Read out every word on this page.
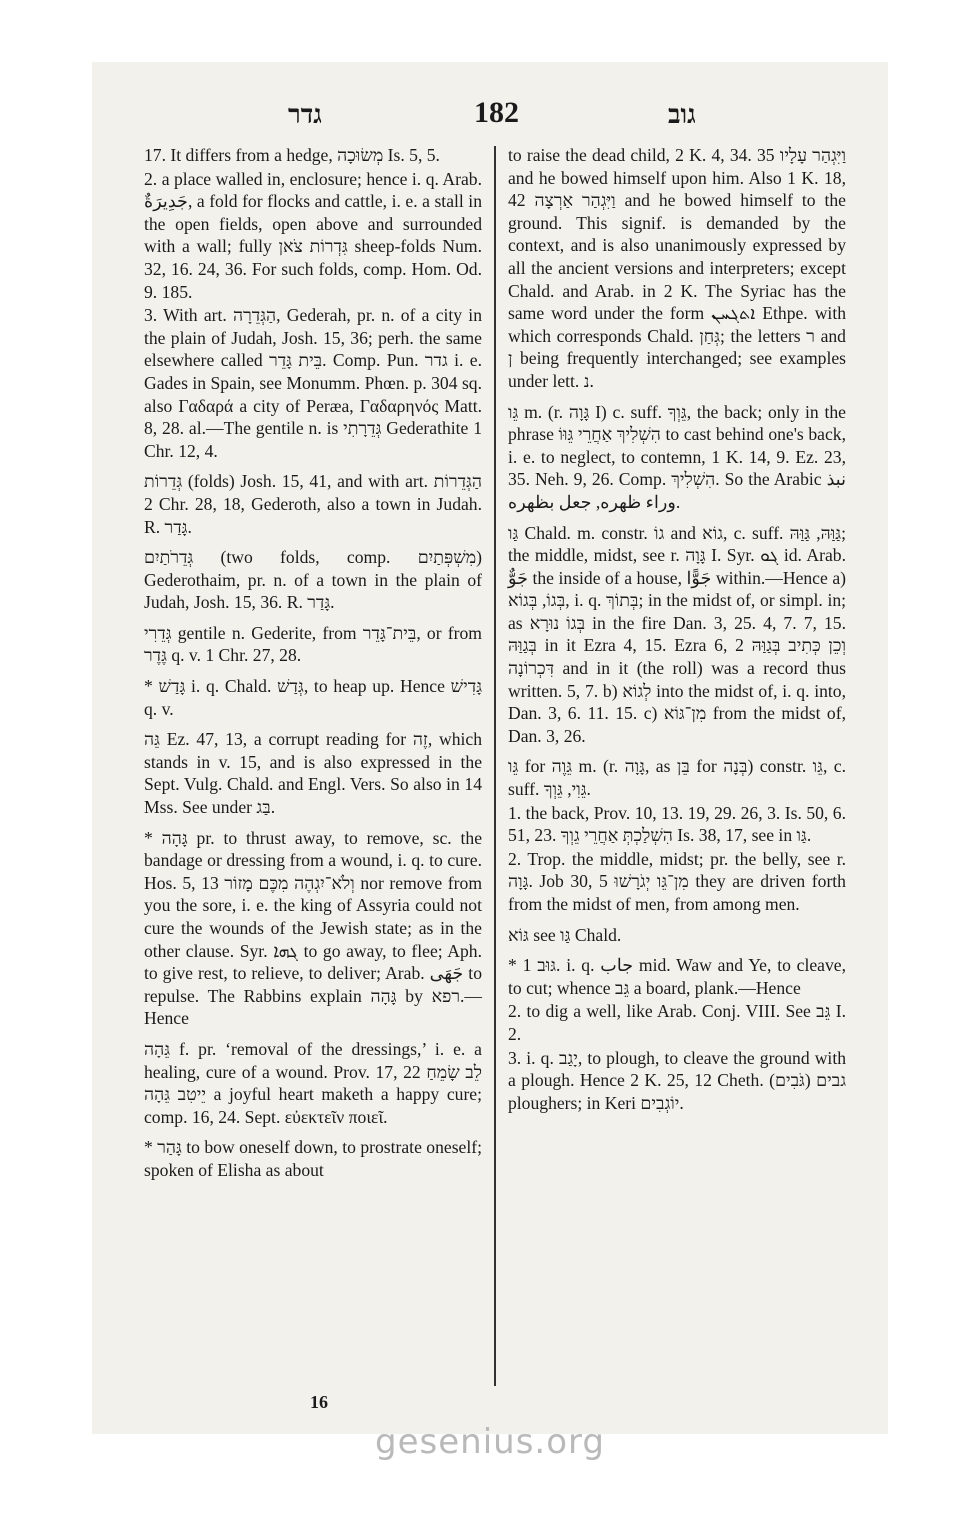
גדר	182	גוב

17. It differs from a hedge, מְשׂוּכָה Is. 5, 5.

2. a place walled in, enclosure; hence i. q. Arab. جَدِيرَةٌ, a fold for flocks and cattle, i. e. a stall in the open fields, open above and surrounded with a wall; fully גִּדְרוֹת צֹאן sheep-folds Num. 32, 16. 24, 36. For such folds, comp. Hom. Od. 9. 185.

3. With art. הַגְּדֵרָה, Gederah, pr. n. of a city in the plain of Judah, Josh. 15, 36; perh. the same elsewhere called בֵּית גָּדֵר. Comp. Pun. גדר i. e. Gades in Spain, see Monumm. Phœn. p. 304 sq. also Γαδαρά a city of Peræa, Γαδαρηνός Matt. 8, 28. al.—The gentile n. is גְּדֵרָתִי Gederathite 1 Chr. 12, 4.

גְּדֵרוֹת (folds) Josh. 15, 41, and with art. הַגְּדֵרוֹת 2 Chr. 28, 18, Gederoth, also a town in Judah. R. גָּדַר.

גְּדֵרֹתַיִם (two folds, comp. מִשְׁפְּתַיִם) Gederothaim, pr. n. of a town in the plain of Judah, Josh. 15, 36. R. גָּדַר.

גְּדֵרִי gentile n. Gederite, from בֵּית־גָּדֵר, or from גֶּדֶר q. v. 1 Chr. 27, 28.

* גָּדַשׁ i. q. Chald. גְּדַשׁ, to heap up. Hence גָּדִישׁ q. v.

גֵּה Ez. 47, 13, a corrupt reading for זֶה, which stands in v. 15, and is also expressed in the Sept. Vulg. Chald. and Engl. Vers. So also in 14 Mss. See under בַּג.

* גָּהָה pr. to thrust away, to remove, sc. the bandage or dressing from a wound, i. q. to cure. Hos. 5, 13 וְלֹא־יִגְהֶה מִכֶּם מָזוֹר nor remove from you the sore, i. e. the king of Assyria could not cure the wounds of the Jewish state; as in the other clause. Syr. ܓܗܐ to go away, to flee; Aph. to give rest, to relieve, to deliver; Arab. جَهَى to repulse. The Rabbins explain גָּהָה by רפא.—Hence

גֵּהָה f. pr. ‘removal of the dressings,’ i. e. a healing, cure of a wound. Prov. 17, 22 לֵב שָׂמֵחַ יֵיטִב גֵּהָה a joyful heart maketh a happy cure; comp. 16, 24. Sept. εὐεκτεῖν ποιεῖ.

* גָּהַר to bow oneself down, to prostrate oneself; spoken of Elisha as about

to raise the dead child, 2 K. 4, 34. 35 וַיִּגְהַר עָלָיו and he bowed himself upon him. Also 1 K. 18, 42 וַיִּגְהַר אַרְצָה and he bowed himself to the ground. This signif. is demanded by the context, and is also unanimously expressed by all the ancient versions and interpreters; except Chald. and Arab. in 2 K. The Syriac has the same word under the form ܐܬܓܚܢ Ethpe. with which corresponds Chald. גְּחַן; the letters ר and ן being frequently interchanged; see examples under lett. נ.

גֵּו m. (r. גָּוָה I) c. suff. גֵּוְךָ, the back; only in the phrase הִשְׁלִיךְ אַחֲרֵי גֵּוּוֹ to cast behind one's back, i. e. to neglect, to contemn, 1 K. 14, 9. Ez. 23, 35. Neh. 9, 26. Comp. הִשְׁלִיךְ. So the Arabic نبذ وراء ظهره, جعل بظهره.

גַּו Chald. m. constr. גוֹ and גוֹא, c. suff. גַּוַּהּ, גַּוַּהּ; the middle, midst, see r. גָּוָה I. Syr. ܓܘ id. Arab. جَوٌّ the inside of a house, جَوًّا within.—Hence a) בְּגוֹ, בְּגוֹא, i. q. בְּתוֹךְ; in the midst of, or simpl. in; as בְּגוֹ נוּרָא in the fire Dan. 3, 25. 4, 7. 7, 15. בְּגַוַּהּ in it Ezra 4, 15. Ezra 6, 2 וְכֵן כְּתִיב בְּגַוַּהּ דִּכְרוֹנָה and in it (the roll) was a record thus written. 5, 7. b) לְגוֹא into the midst of, i. q. into, Dan. 3, 6. 11. 15. c) מִן־גּוֹא from the midst of, Dan. 3, 26.

גֵּו for גֵּוֶה m. (r. גָּוָה, as בֵּן for בְּנָה) constr. גֵּו, c. suff. גֵּוִי, גֵּוְךָ.

1. the back, Prov. 10, 13. 19, 29. 26, 3. Is. 50, 6. 51, 23. הִשְׁלַכְתְּ אַחֲרֵי גֵוְךָ Is. 38, 17, see in גַּו.

2. Trop. the middle, midst; pr. the belly, see r. גָּוָה. Job 30, 5 מִן־גֵּו יְגֹרָשׁוּ they are driven forth from the midst of men, from among men.

גּוֹא see גַּו Chald.

* גּוּב 1. i. q. جاب mid. Waw and Ye, to cleave, to cut; whence גֵּב a board, plank.—Hence

2. to dig a well, like Arab. Conj. VIII. See גֵּב I. 2.

3. i. q. יָגַב, to plough, to cleave the ground with a plough. Hence 2 K. 25, 12 Cheth. גבים (גֹּבִים) ploughers; in Keri יוֹגְבִים.

16
gesenius.org
